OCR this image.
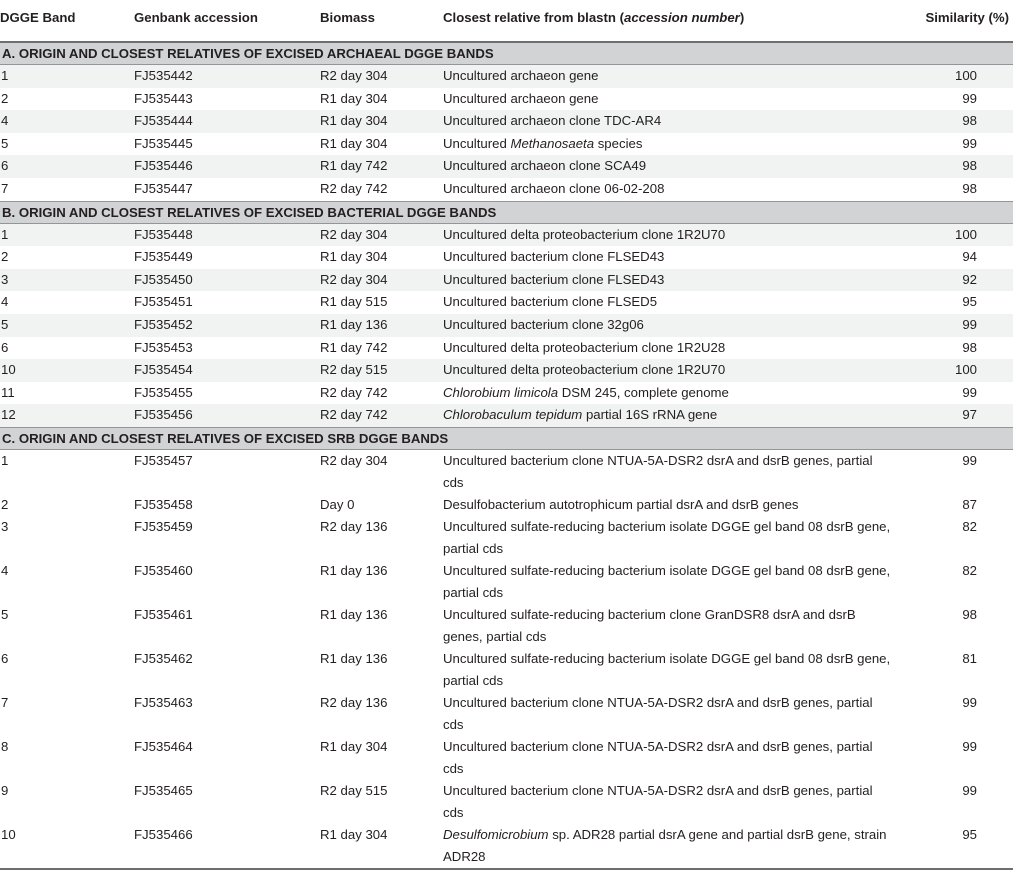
DGGE Band	Genbank accession	Biomass	Closest relative from blastn (accession number)	Similarity (%)
A. ORIGIN AND CLOSEST RELATIVES OF EXCISED ARCHAEAL DGGE BANDS				
1	FJ535442	R2 day 304	Uncultured archaeon gene	100
2	FJ535443	R1 day 304	Uncultured archaeon gene	99
4	FJ535444	R1 day 304	Uncultured archaeon clone TDC-AR4	98
5	FJ535445	R1 day 304	Uncultured Methanosaeta species	99
6	FJ535446	R1 day 742	Uncultured archaeon clone SCA49	98
7	FJ535447	R2 day 742	Uncultured archaeon clone 06-02-208	98
B. ORIGIN AND CLOSEST RELATIVES OF EXCISED BACTERIAL DGGE BANDS				
1	FJ535448	R2 day 304	Uncultured delta proteobacterium clone 1R2U70	100
2	FJ535449	R1 day 304	Uncultured bacterium clone FLSED43	94
3	FJ535450	R2 day 304	Uncultured bacterium clone FLSED43	92
4	FJ535451	R1 day 515	Uncultured bacterium clone FLSED5	95
5	FJ535452	R1 day 136	Uncultured bacterium clone 32g06	99
6	FJ535453	R1 day 742	Uncultured delta proteobacterium clone 1R2U28	98
10	FJ535454	R2 day 515	Uncultured delta proteobacterium clone 1R2U70	100
11	FJ535455	R2 day 742	Chlorobium limicola DSM 245, complete genome	99
12	FJ535456	R2 day 742	Chlorobaculum tepidum partial 16S rRNA gene	97
C. ORIGIN AND CLOSEST RELATIVES OF EXCISED SRB DGGE BANDS				
1	FJ535457	R2 day 304	Uncultured bacterium clone NTUA-5A-DSR2 dsrA and dsrB genes, partial cds	99
2	FJ535458	Day 0	Desulfobacterium autotrophicum partial dsrA and dsrB genes	87
3	FJ535459	R2 day 136	Uncultured sulfate-reducing bacterium isolate DGGE gel band 08 dsrB gene, partial cds	82
4	FJ535460	R1 day 136	Uncultured sulfate-reducing bacterium isolate DGGE gel band 08 dsrB gene, partial cds	82
5	FJ535461	R1 day 136	Uncultured sulfate-reducing bacterium clone GranDSR8 dsrA and dsrB genes, partial cds	98
6	FJ535462	R1 day 136	Uncultured sulfate-reducing bacterium isolate DGGE gel band 08 dsrB gene, partial cds	81
7	FJ535463	R2 day 136	Uncultured bacterium clone NTUA-5A-DSR2 dsrA and dsrB genes, partial cds	99
8	FJ535464	R1 day 304	Uncultured bacterium clone NTUA-5A-DSR2 dsrA and dsrB genes, partial cds	99
9	FJ535465	R2 day 515	Uncultured bacterium clone NTUA-5A-DSR2 dsrA and dsrB genes, partial cds	99
10	FJ535466	R1 day 304	Desulfomicrobium sp. ADR28 partial dsrA gene and partial dsrB gene, strain ADR28	95
